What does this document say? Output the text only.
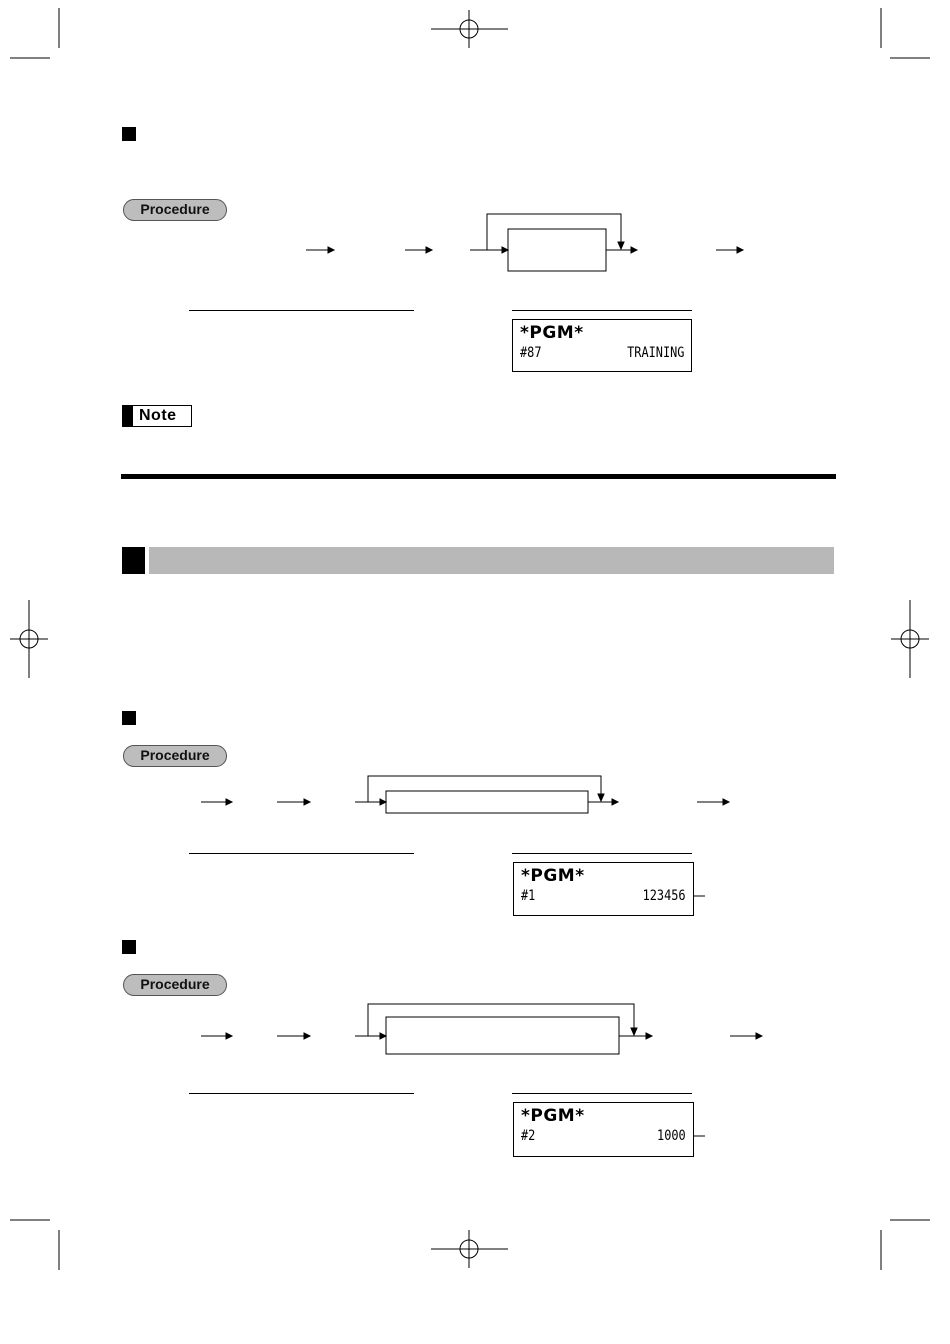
Procedure
*PGM*
#87	TRAINING
Note
Procedure
*PGM*
#1	123456
Procedure
*PGM*
#2	1000
